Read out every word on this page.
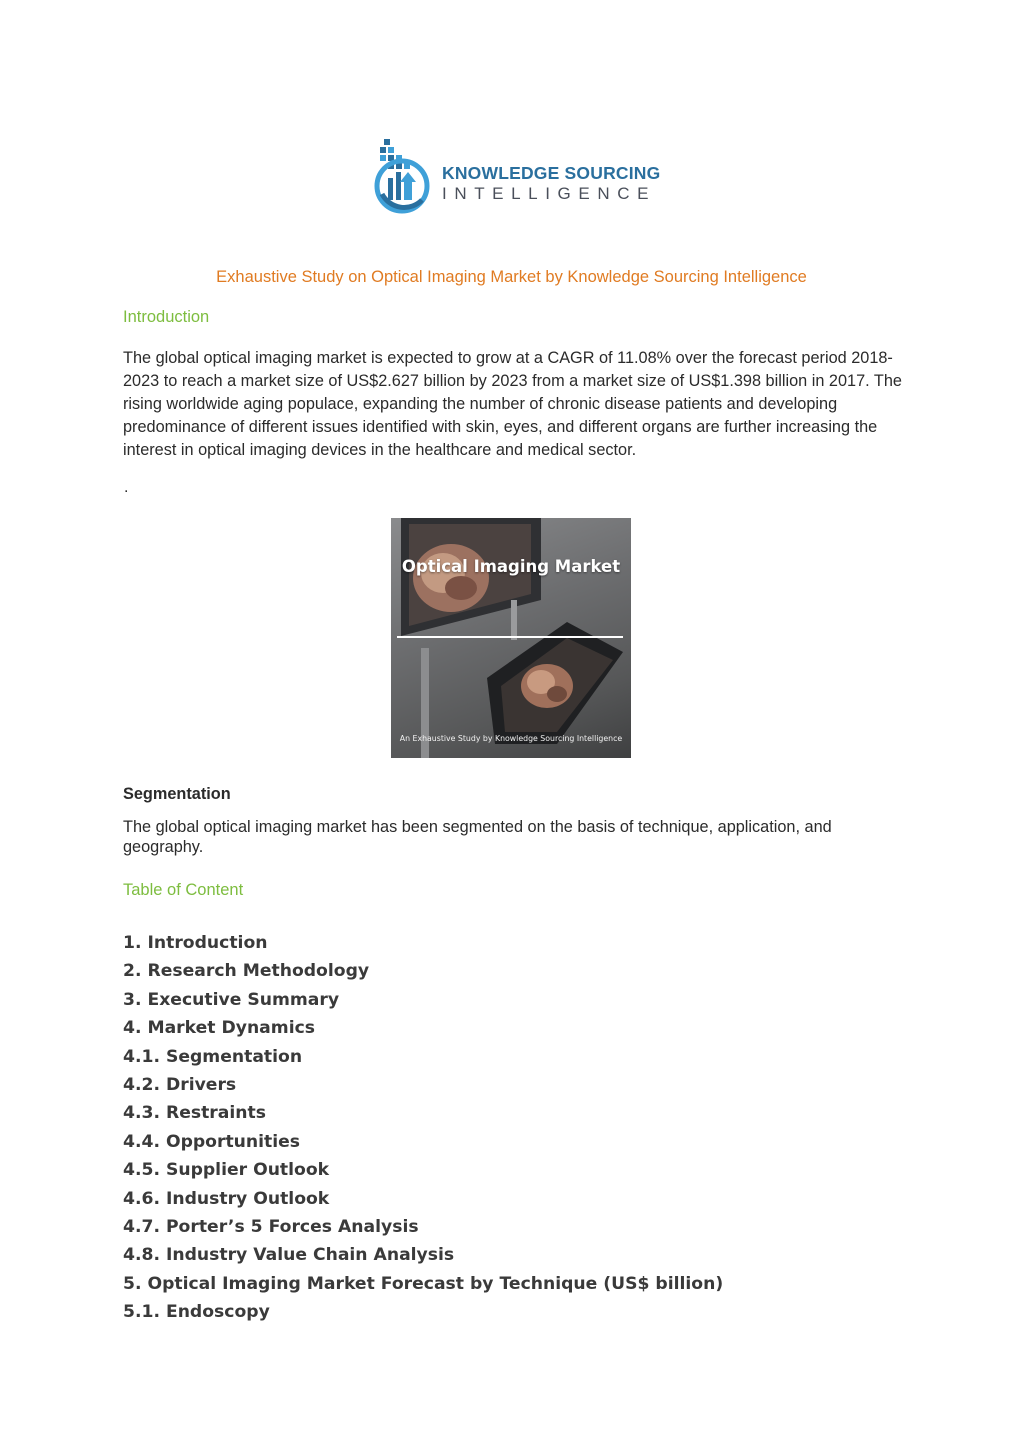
KNOWLEDGE SOURCING
INTELLIGENCE
Exhaustive Study on Optical Imaging Market by Knowledge Sourcing Intelligence
Introduction
The global optical imaging market is expected to grow at a CAGR of 11.08% over the forecast period 2018-2023 to reach a market size of US$2.627 billion by 2023 from a market size of US$1.398 billion in 2017. The rising worldwide aging populace, expanding the number of chronic disease patients and developing predominance of different issues identified with skin, eyes, and different organs are further increasing the interest in optical imaging devices in the healthcare and medical sector.
.
Optical Imaging Market
An Exhaustive Study by Knowledge Sourcing Intelligence
Segmentation
The global optical imaging market has been segmented on the basis of technique, application, and geography.
Table of Content
1. Introduction
2. Research Methodology
3. Executive Summary
4. Market Dynamics
4.1. Segmentation
4.2. Drivers
4.3. Restraints
4.4. Opportunities
4.5. Supplier Outlook
4.6. Industry Outlook
4.7. Porter’s 5 Forces Analysis
4.8. Industry Value Chain Analysis
5. Optical Imaging Market Forecast by Technique (US$ billion)
5.1. Endoscopy
